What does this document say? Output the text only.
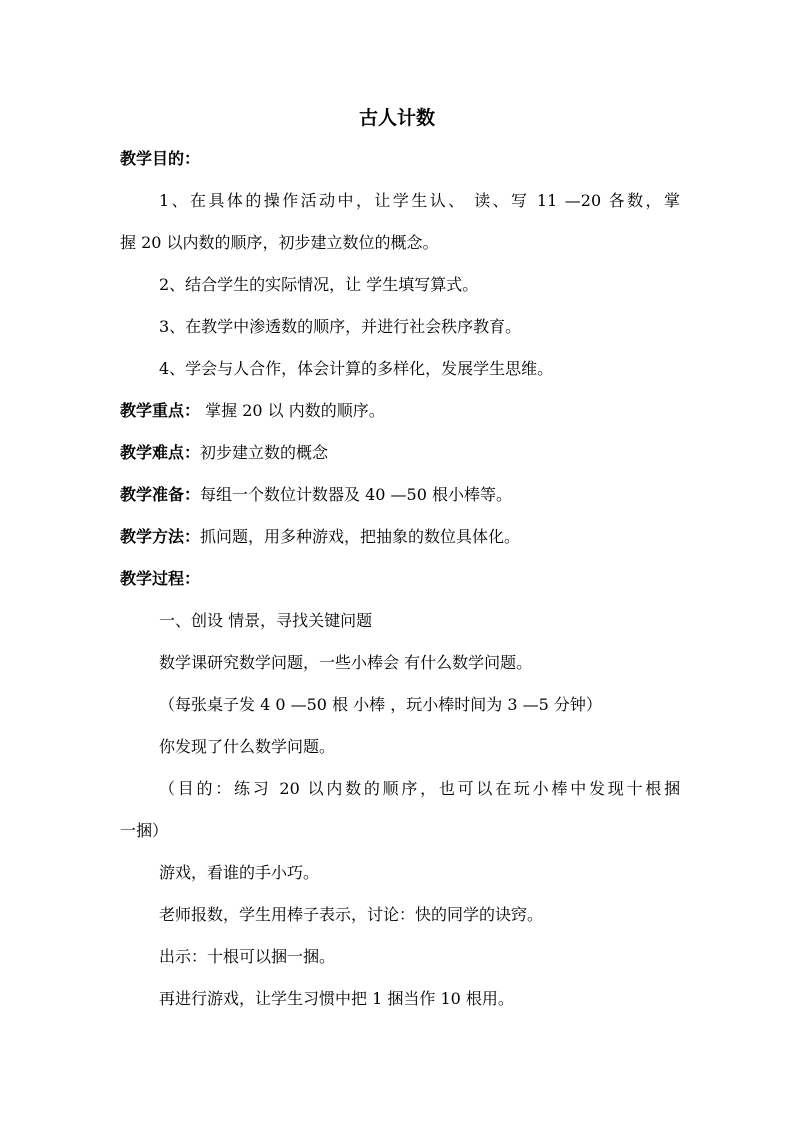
古人计数
教学目的：
1、在具体的操作活动中，让学生认、 读、写 11 —20 各数，掌
握 20 以内数的顺序，初步建立数位的概念。
2、结合学生的实际情况，让 学生填写算式。
3、在教学中渗透数的顺序，并进行社会秩序教育。
4、学会与人合作，体会计算的多样化，发展学生思维。
教学重点： 掌握 20 以 内数的顺序。
教学难点：初步建立数的概念
教学准备：每组一个数位计数器及 40 —50 根小棒等。
教学方法：抓问题，用多种游戏，把抽象的数位具体化。
教学过程：
一、创设 情景，寻找关键问题
数学课研究数学问题，一些小棒会 有什么数学问题。
（每张桌子发 4 0 —50 根 小棒 ，玩小棒时间为 3 —5 分钟）
你发现了什么数学问题。
（目的：练习 20 以内数的顺序，也可以在玩小棒中发现十根捆
一捆）
游戏，看谁的手小巧。
老师报数，学生用棒子表示，讨论：快的同学的诀窍。
出示：十根可以捆一捆。
再进行游戏，让学生习惯中把 1 捆当作 10 根用。
